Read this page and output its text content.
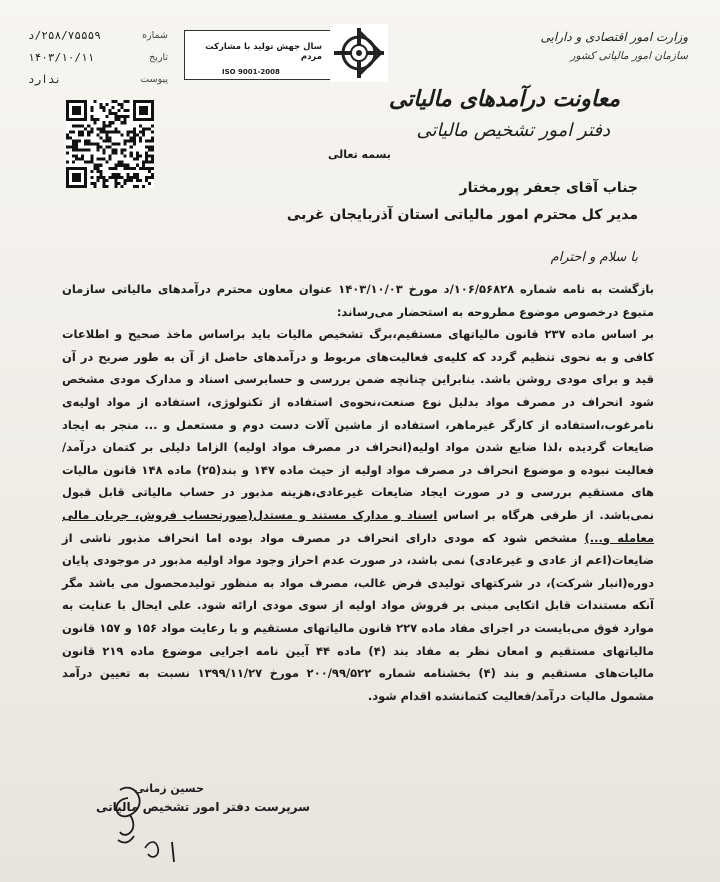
شماره
۲۵۸/۷۵۵۵۹/د
تاریخ
۱۴۰۳/۱۰/۱۱
پیوست
ندارد
سال جهش تولید با مشارکت مردم
ISO 9001-2008
وزارت امور اقتصادی و دارایی
سازمان امور مالیاتی کشور
معاونت درآمدهای مالیاتی
دفتر امور تشخیص مالیاتی
بسمه تعالی
جناب آقای جعفر پورمختار
مدیر کل محترم امور مالیاتی استان آذربایجان غربی
با سلام و احترام

بازگشت به نامه شماره ۱۰۶/۵۶۸۲۸/د مورخ ۱۴۰۳/۱۰/۰۳ عنوان معاون محترم درآمدهای مالیاتی سازمان متبوع درخصوص موضوع مطروحه به استحضار می‌رساند:

بر اساس ماده ۲۳۷ قانون مالیاتهای مستقیم،برگ تشخیص مالیات باید براساس ماخذ صحیح و اطلاعات کافی و به نحوی تنظیم گردد که کلیه‌ی فعالیت‌های مربوط و درآمدهای حاصل از آن به طور صریح در آن قید و برای مودی روشن باشد. بنابراین چنانچه ضمن بررسی و حسابرسی اسناد و مدارک مودی مشخص شود انحراف در مصرف مواد بدلیل نوع صنعت،نحوه‌ی استفاده از تکنولوژی، استفاده از مواد اولیه‌ی نامرغوب،استفاده از کارگر غیرماهر، استفاده از ماشین آلات دست دوم و مستعمل و ... منجر به ایجاد ضایعات گردیده ،لذا ضایع شدن مواد اولیه(انحراف در مصرف مواد اولیه) الزاما دلیلی بر کتمان درآمد/ فعالیت نبوده و موضوع انحراف در مصرف مواد اولیه از حیث ماده ۱۴۷ و بند(۲۵) ماده ۱۴۸ قانون مالیات های مستقیم بررسی و در صورت ایجاد ضایعات غیرعادی،هزینه مذبور در حساب مالیاتی قابل قبول نمی‌باشد. از طرفی هرگاه بر اساس اسناد و مدارک مستند و مستدل(صورتحساب فروش، جریان مالی معامله و...) مشخص شود که مودی دارای انحراف در مصرف مواد بوده اما انحراف مذبور ناشی از ضایعات(اعم از عادی و غیرعادی) نمی باشد، در صورت عدم احراز وجود مواد اولیه مذبور در موجودی پایان دوره(انبار شرکت)، در شرکتهای تولیدی فرض غالب، مصرف مواد به منظور تولیدمحصول می باشد مگر آنکه مستندات قابل اتکایی مبنی بر فروش مواد اولیه از سوی مودی ارائه شود. علی ایحال با عنایت به موارد فوق می‌بایست در اجرای مفاد ماده ۲۲۷ قانون مالیاتهای مستقیم و با رعایت مواد ۱۵۶ و ۱۵۷ قانون مالیاتهای مستقیم و امعان نظر به مفاد بند (۴) ماده ۴۴ آیین نامه اجرایی موضوع ماده ۲۱۹ قانون مالیات‌های مستقیم و بند (۴) بخشنامه شماره ۲۰۰/۹۹/۵۲۲ مورخ ۱۳۹۹/۱۱/۲۷ نسبت به تعیین درآمد مشمول مالیات درآمد/فعالیت کتمانشده اقدام شود.

حسین زمانی
سرپرست دفتر امور تشخیص مالیاتی
